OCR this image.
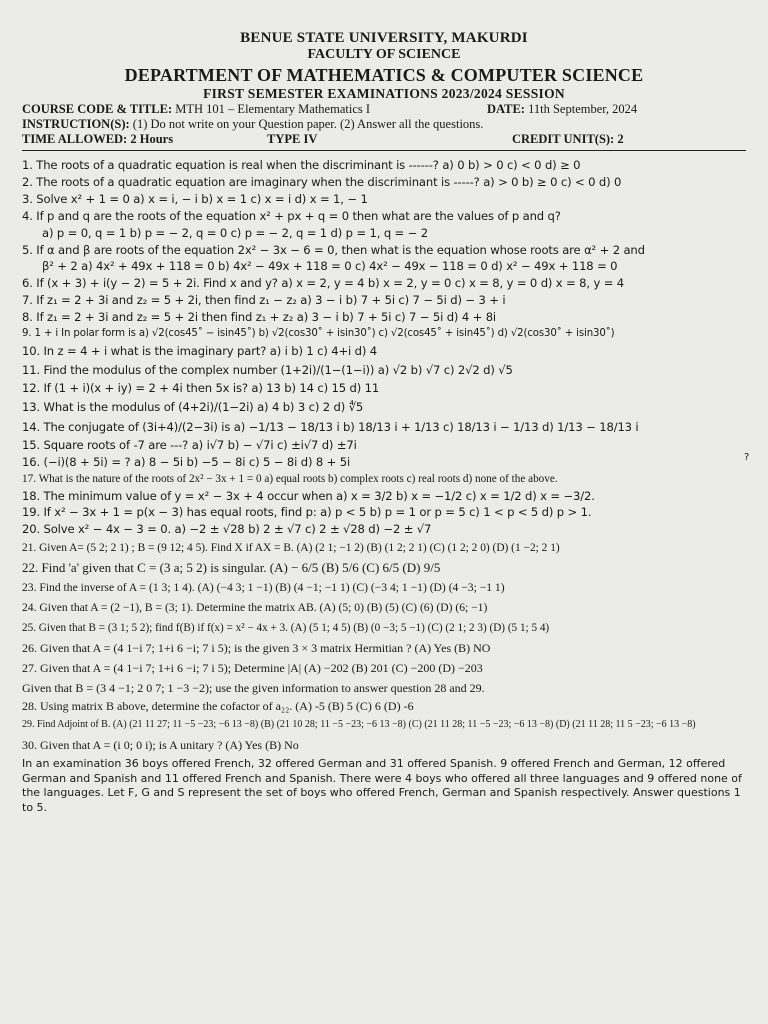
BENUE STATE UNIVERSITY, MAKURDI
FACULTY OF SCIENCE
DEPARTMENT OF MATHEMATICS & COMPUTER SCIENCE
FIRST SEMESTER EXAMINATIONS 2023/2024 SESSION
COURSE CODE & TITLE: MTH 101 – Elementary Mathematics I	DATE: 11th September, 2024
INSTRUCTION(S): (1) Do not write on your Question paper. (2) Answer all the questions.
TIME ALLOWED: 2 Hours	TYPE IV	CREDIT UNIT(S): 2
1. The roots of a quadratic equation is real when the discriminant is ------? a) 0 b) > 0 c) < 0 d) ≥ 0
2. The roots of a quadratic equation are imaginary when the discriminant is -----? a) > 0 b) ≥ 0 c) < 0 d) 0
3. Solve x² + 1 = 0 a) x = i, − i b) x = 1 c) x = i d) x = 1, − 1
4. If p and q are the roots of the equation x² + px + q = 0 then what are the values of p and q?
a) p = 0, q = 1 b) p = − 2, q = 0 c) p = − 2, q = 1 d) p = 1, q = − 2
5. If α and β are roots of the equation 2x² − 3x − 6 = 0, then what is the equation whose roots are α² + 2 and
β² + 2 a) 4x² + 49x + 118 = 0 b) 4x² − 49x + 118 = 0 c) 4x² − 49x − 118 = 0 d) x² − 49x + 118 = 0
6. If (x + 3) + i(y − 2) = 5 + 2i. Find x and y? a) x = 2, y = 4 b) x = 2, y = 0 c) x = 8, y = 0 d) x = 8, y = 4
7. If z₁ = 2 + 3i and z₂ = 5 + 2i, then find z₁ − z₂ a) 3 − i b) 7 + 5i c) 7 − 5i d) − 3 + i
8. If z₁ = 2 + 3i and z₂ = 5 + 2i then find z₁ + z₂ a) 3 − i b) 7 + 5i c) 7 − 5i d) 4 + 8i
9. 1 + i In polar form is a) √2(cos45˚ − isin45˚) b) √2(cos30˚ + isin30˚) c) √2(cos45˚ + isin45˚) d) √2(cos30˚ + isin30˚)
10. In z = 4 + i what is the imaginary part? a) i b) 1 c) 4+i d) 4
11. Find the modulus of the complex number (1+2i)/(1−(1−i)) a) √2 b) √7 c) 2√2 d) √5
12. If (1 + i)(x + iy) = 2 + 4i then 5x is? a) 13 b) 14 c) 15 d) 11
13. What is the modulus of (4+2i)/(1−2i) a) 4 b) 3 c) 2 d) ∜5
14. The conjugate of (3i+4)/(2−3i) is a) −1/13 − 18/13 i b) 18/13 i + 1/13 c) 18/13 i − 1/13 d) 1/13 − 18/13 i
15. Square roots of -7 are ---? a) i√7 b) − √7i c) ±i√7 d) ±7i
16. (−i)(8 + 5i) = ? a) 8 − 5i b) −5 − 8i c) 5 − 8i d) 8 + 5i
17. What is the nature of the roots of 2x² − 3x + 1 = 0 a) equal roots b) complex roots c) real roots d) none of the above.
18. The minimum value of y = x² − 3x + 4 occur when a) x = 3/2 b) x = −1/2 c) x = 1/2 d) x = −3/2.
19. If x² − 3x + 1 = p(x − 3) has equal roots, find p: a) p < 5 b) p = 1 or p = 5 c) 1 < p < 5 d) p > 1.
20. Solve x² − 4x − 3 = 0. a) −2 ± √28 b) 2 ± √7 c) 2 ± √28 d) −2 ± √7
21. Given A= (5 2; 2 1) ; B = (9 12; 4 5). Find X if AX = B. (A) (2 1; −1 2) (B) (1 2; 2 1) (C) (1 2; 2 0) (D) (1 −2; 2 1)
22. Find 'a' given that C = (3 a; 5 2) is singular. (A) − 6/5 (B) 5/6 (C) 6/5 (D) 9/5
23. Find the inverse of A = (1 3; 1 4). (A) (−4 3; 1 −1) (B) (4 −1; −1 1) (C) (−3 4; 1 −1) (D) (4 −3; −1 1)
24. Given that A = (2 −1), B = (3; 1). Determine the matrix AB. (A) (5; 0) (B) (5) (C) (6) (D) (6; −1)
25. Given that B = (3 1; 5 2); find f(B) if f(x) = x² − 4x + 3. (A) (5 1; 4 5) (B) (0 −3; 5 −1) (C) (2 1; 2 3) (D) (5 1; 5 4)
26. Given that A = (4 1−i 7; 1+i 6 −i; 7 i 5); is the given 3 × 3 matrix Hermitian ? (A) Yes (B) NO
27. Given that A = (4 1−i 7; 1+i 6 −i; 7 i 5); Determine |A| (A) −202 (B) 201 (C) −200 (D) −203
Given that B = (3 4 −1; 2 0 7; 1 −3 −2); use the given information to answer question 28 and 29.
28. Using matrix B above, determine the cofactor of a₂₂. (A) -5 (B) 5 (C) 6 (D) -6
29. Find Adjoint of B. (A) (21 11 27; 11 −5 −23; −6 13 −8) (B) (21 10 28; 11 −5 −23; −6 13 −8) (C) (21 11 28; 11 −5 −23; −6 13 −8) (D) (21 11 28; 11 5 −23; −6 13 −8)
30. Given that A = (i 0; 0 i); is A unitary ? (A) Yes (B) No
In an examination 36 boys offered French, 32 offered German and 31 offered Spanish. 9 offered French and German, 12 offered German and Spanish and 11 offered French and Spanish. There were 4 boys who offered all three languages and 9 offered none of the languages. Let F, G and S represent the set of boys who offered French, German and Spanish respectively. Answer questions 1 to 5.
?
